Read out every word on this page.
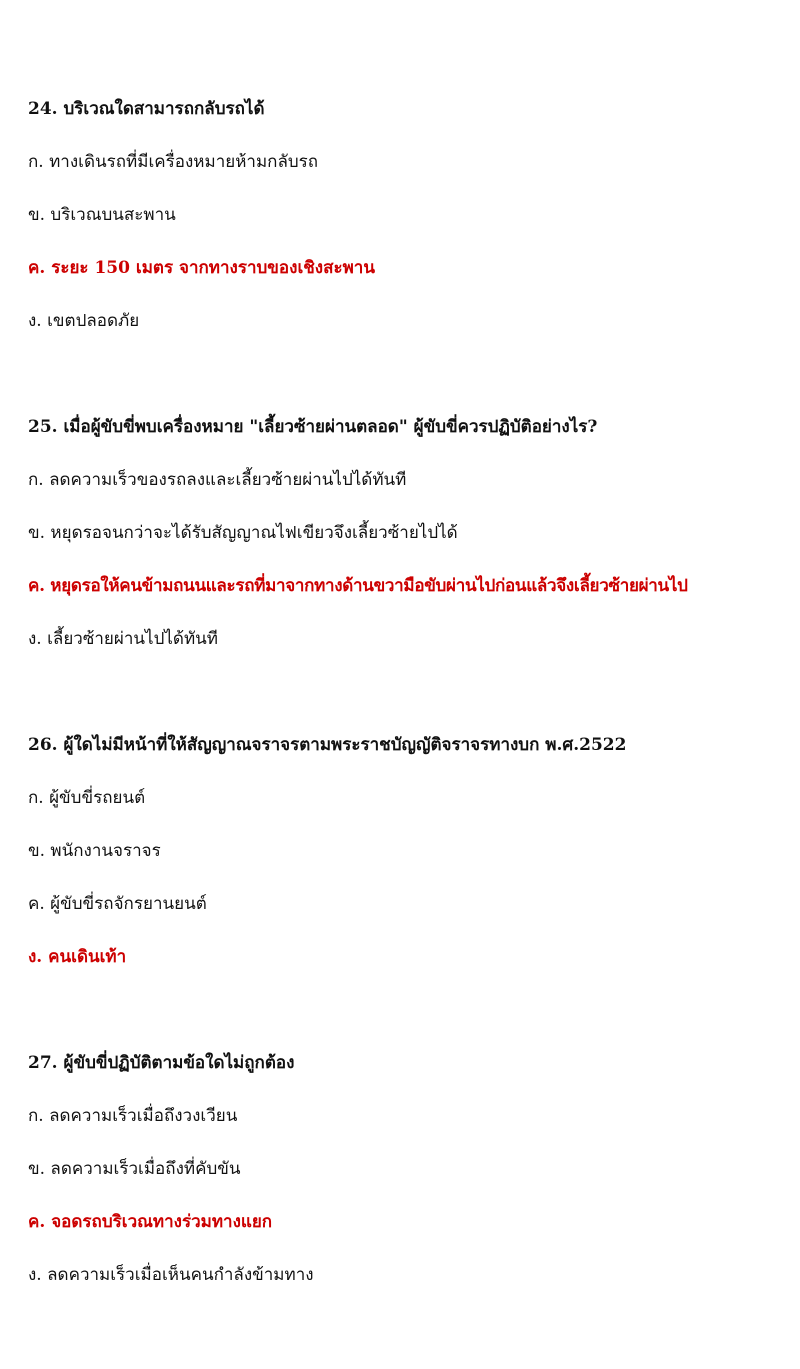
24. บริเวณใดสามารถกลับรถได้
ก. ทางเดินรถที่มีเครื่องหมายห้ามกลับรถ
ข. บริเวณบนสะพาน
ค. ระยะ 150 เมตร จากทางราบของเชิงสะพาน
ง. เขตปลอดภัย
25. เมื่อผู้ขับขี่พบเครื่องหมาย "เลี้ยวซ้ายผ่านตลอด" ผู้ขับขี่ควรปฏิบัติอย่างไร?
ก. ลดความเร็วของรถลงและเลี้ยวซ้ายผ่านไปได้ทันที
ข. หยุดรอจนกว่าจะได้รับสัญญาณไฟเขียวจึงเลี้ยวซ้ายไปได้
ค. หยุดรอให้คนข้ามถนนและรถที่มาจากทางด้านขวามือขับผ่านไปก่อนแล้วจึงเลี้ยวซ้ายผ่านไป
ง. เลี้ยวซ้ายผ่านไปได้ทันที
26. ผู้ใดไม่มีหน้าที่ให้สัญญาณจราจรตามพระราชบัญญัติจราจรทางบก พ.ศ.2522
ก. ผู้ขับขี่รถยนต์
ข. พนักงานจราจร
ค. ผู้ขับขี่รถจักรยานยนต์
ง. คนเดินเท้า
27. ผู้ขับขี่ปฏิบัติตามข้อใดไม่ถูกต้อง
ก. ลดความเร็วเมื่อถึงวงเวียน
ข. ลดความเร็วเมื่อถึงที่คับขัน
ค. จอดรถบริเวณทางร่วมทางแยก
ง. ลดความเร็วเมื่อเห็นคนกำลังข้ามทาง
